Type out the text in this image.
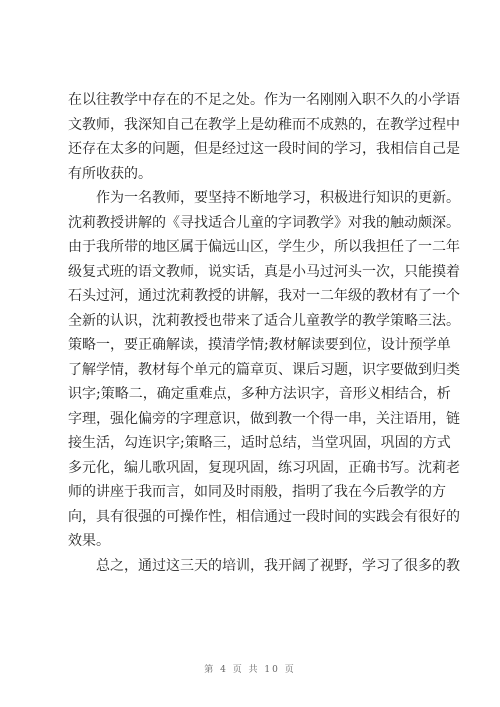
在以往教学中存在的不足之处。作为一名刚刚入职不久的小学语
文教师，我深知自己在教学上是幼稚而不成熟的，在教学过程中
还存在太多的问题，但是经过这一段时间的学习，我相信自己是
有所收获的。
作为一名教师，要坚持不断地学习，积极进行知识的更新。
沈莉教授讲解的《寻找适合儿童的字词教学》对我的触动颇深。
由于我所带的地区属于偏远山区，学生少，所以我担任了一二年
级复式班的语文教师，说实话，真是小马过河头一次，只能摸着
石头过河，通过沈莉教授的讲解，我对一二年级的教材有了一个
全新的认识，沈莉教授也带来了适合儿童教学的教学策略三法。
策略一，要正确解读，摸清学情;教材解读要到位，设计预学单
了解学情，教材每个单元的篇章页、课后习题，识字要做到归类
识字;策略二，确定重难点，多种方法识字，音形义相结合，析
字理，强化偏旁的字理意识，做到教一个得一串，关注语用，链
接生活，勾连识字;策略三，适时总结，当堂巩固，巩固的方式
多元化，编儿歌巩固，复现巩固，练习巩固，正确书写。沈莉老
师的讲座于我而言，如同及时雨般，指明了我在今后教学的方
向，具有很强的可操作性，相信通过一段时间的实践会有很好的
效果。
总之，通过这三天的培训，我开阔了视野，学习了很多的教
第 4 页 共 10 页
